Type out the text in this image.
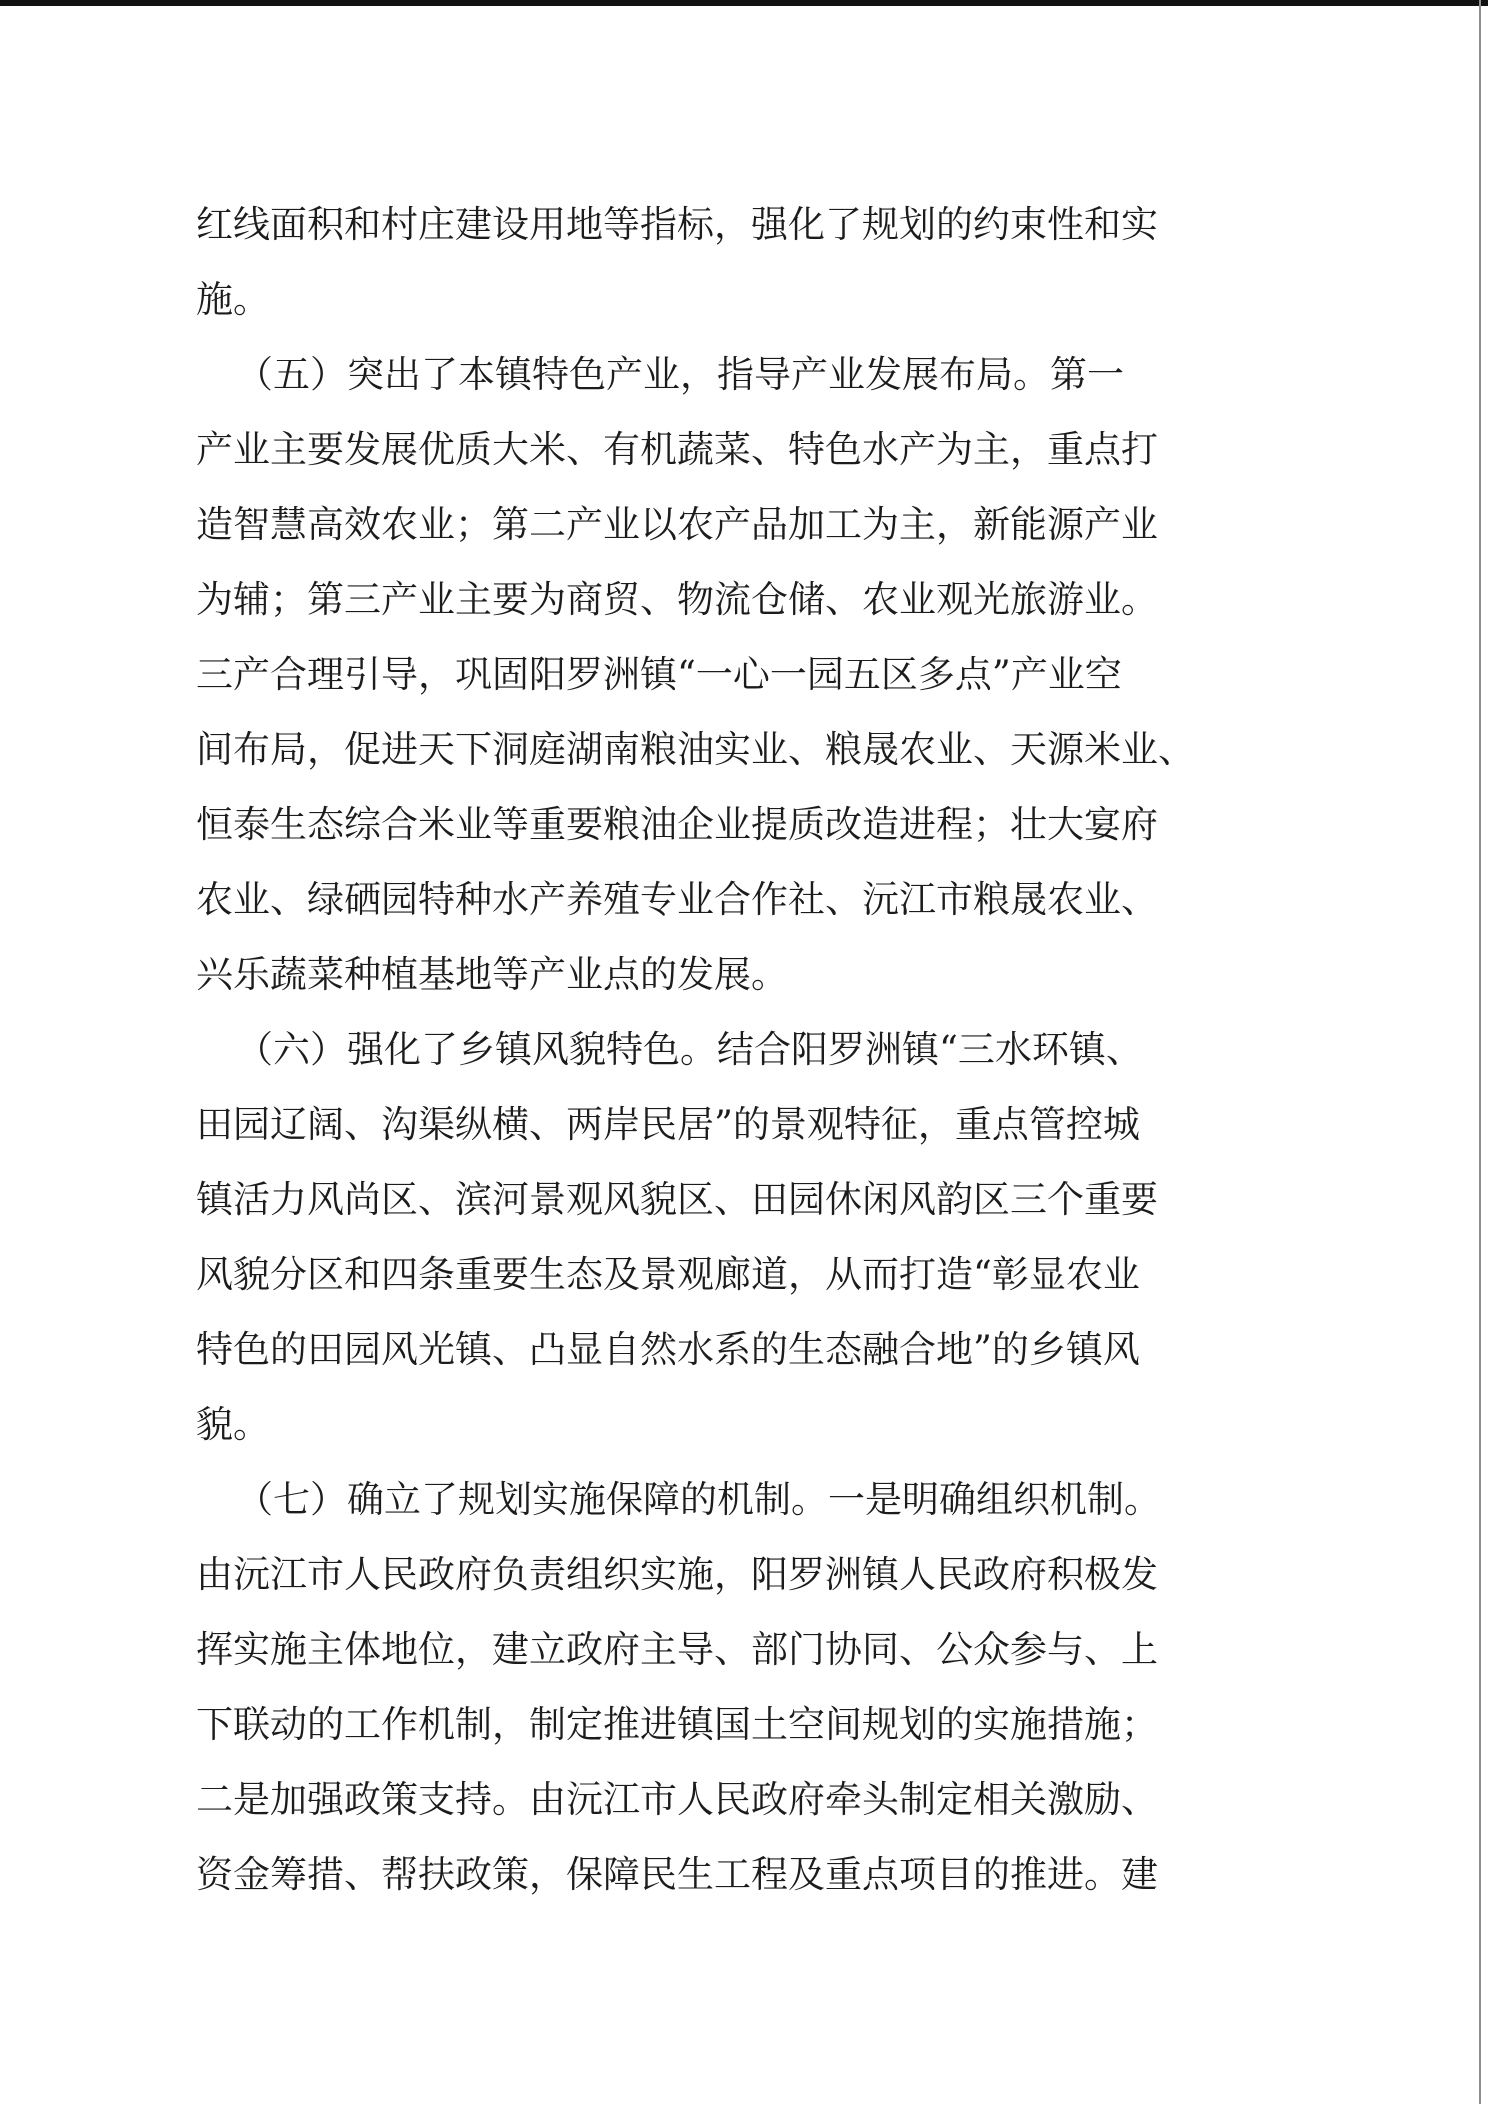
红线面积和村庄建设用地等指标，强化了规划的约束性和实
施。
（五）突出了本镇特色产业，指导产业发展布局。第一
产业主要发展优质大米、有机蔬菜、特色水产为主，重点打
造智慧高效农业；第二产业以农产品加工为主，新能源产业
为辅；第三产业主要为商贸、物流仓储、农业观光旅游业。
三产合理引导，巩固阳罗洲镇“一心一园五区多点”产业空
间布局，促进天下洞庭湖南粮油实业、粮晟农业、天源米业、
恒泰生态综合米业等重要粮油企业提质改造进程；壮大宴府
农业、绿硒园特种水产养殖专业合作社、沅江市粮晟农业、
兴乐蔬菜种植基地等产业点的发展。
（六）强化了乡镇风貌特色。结合阳罗洲镇“三水环镇、
田园辽阔、沟渠纵横、两岸民居”的景观特征，重点管控城
镇活力风尚区、滨河景观风貌区、田园休闲风韵区三个重要
风貌分区和四条重要生态及景观廊道，从而打造“彰显农业
特色的田园风光镇、凸显自然水系的生态融合地”的乡镇风
貌。
（七）确立了规划实施保障的机制。一是明确组织机制。
由沅江市人民政府负责组织实施，阳罗洲镇人民政府积极发
挥实施主体地位，建立政府主导、部门协同、公众参与、上
下联动的工作机制，制定推进镇国土空间规划的实施措施；
二是加强政策支持。由沅江市人民政府牵头制定相关激励、
资金筹措、帮扶政策，保障民生工程及重点项目的推进。建
